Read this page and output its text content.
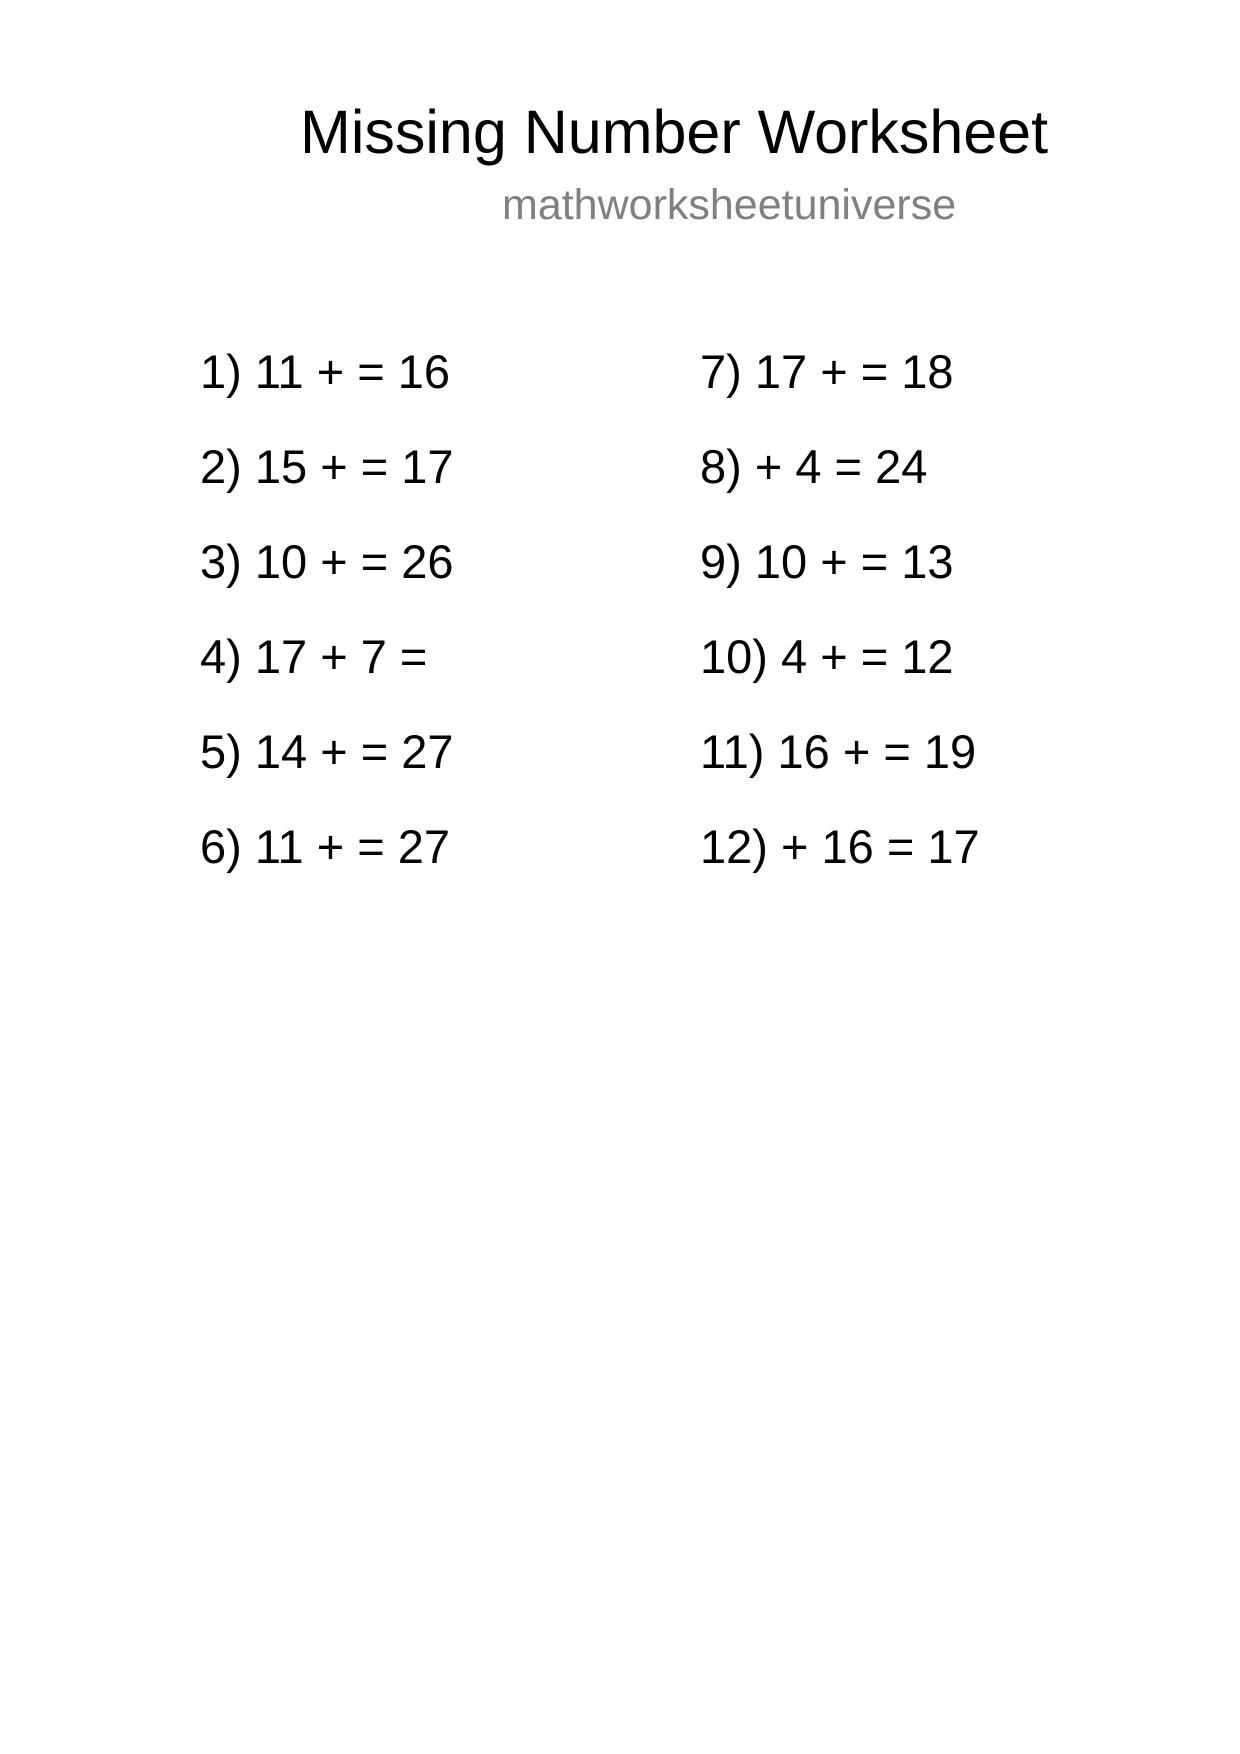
Missing Number Worksheet
mathworksheetuniverse
1) 11 + = 16
2) 15 + = 17
3) 10 + = 26
4) 17 + 7 =
5) 14 + = 27
6) 11 + = 27
7) 17 + = 18
8) + 4 = 24
9) 10 + = 13
10) 4 + = 12
11) 16 + = 19
12) + 16 = 17
